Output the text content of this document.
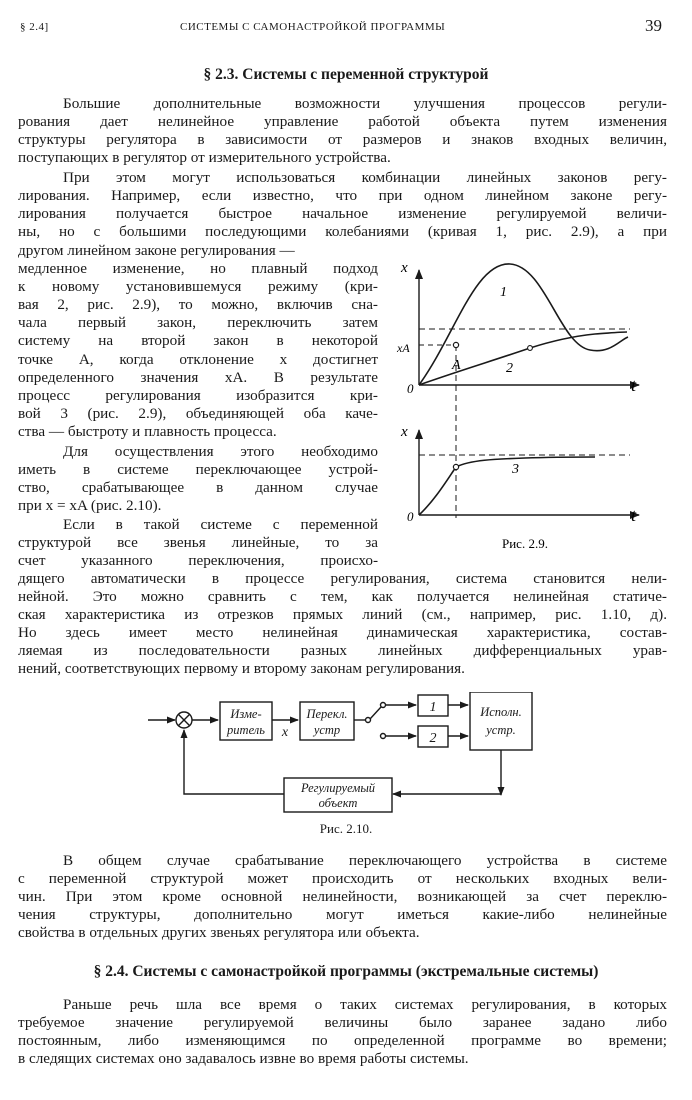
§ 2.4]	СИСТЕМЫ С САМОНАСТРОЙКОЙ ПРОГРАММЫ	39
§ 2.3. Системы с переменной структурой
Большие дополнительные возможности улучшения процессов регули-
рования дает нелинейное управление работой объекта путем изменения
структуры регулятора в зависимости от размеров и знаков входных величин,
поступающих в регулятор от измерительного устройства.
При этом могут использоваться комбинации линейных законов регу-
лирования. Например, если известно, что при одном линейном законе регу-
лирования получается быстрое начальное изменение регулируемой величи-
ны, но с большими последующими колебаниями (кривая 1, рис. 2.9), а при
другом линейном законе регулирования —
медленное изменение, но плавный подход
к новому установившемуся режиму (кри-
вая 2, рис. 2.9), то можно, включив сна-
чала первый закон, переключить затем
систему на второй закон в некоторой
точке A, когда отклонение x достигнет
определенного значения xA. В результате
процесс регулирования изобразится кри-
вой 3 (рис. 2.9), объединяющей оба каче-
ства — быстроту и плавность процесса.
Для осуществления этого необходимо
иметь в системе переключающее устрой-
ство, срабатывающее в данном случае
при x = xA (рис. 2.10).
Если в такой системе с переменной
структурой все звенья линейные, то за
счет указанного переключения, происхо-
дящего автоматически в процессе регулирования, система становится нели-
нейной. Это можно сравнить с тем, как получается нелинейная статиче-
ская характеристика из отрезков прямых линий (см., например, рис. 1.10, д).
Но здесь имеет место нелинейная динамическая характеристика, состав-
ляемая из последовательности разных линейных дифференциальных урав-
нений, соответствующих первому и второму законам регулирования.
x
t
0
xA
A
1
2
x
t
0
3
Рис. 2.9.
Изме-
ритель x
Перекл.
устр
1
2
Исполн.
устр.
Регулируемый
объект
Рис. 2.10.
В общем случае срабатывание переключающего устройства в системе
с переменной структурой может происходить от нескольких входных вели-
чин. При этом кроме основной нелинейности, возникающей за счет переклю-
чения структуры, дополнительно могут иметься какие-либо нелинейные
свойства в отдельных других звеньях регулятора или объекта.
§ 2.4. Системы с самонастройкой программы (экстремальные системы)
Раньше речь шла все время о таких системах регулирования, в которых
требуемое значение регулируемой величины было заранее задано либо
постоянным, либо изменяющимся по определенной программе во времени;
в следящих системах оно задавалось извне во время работы системы.
